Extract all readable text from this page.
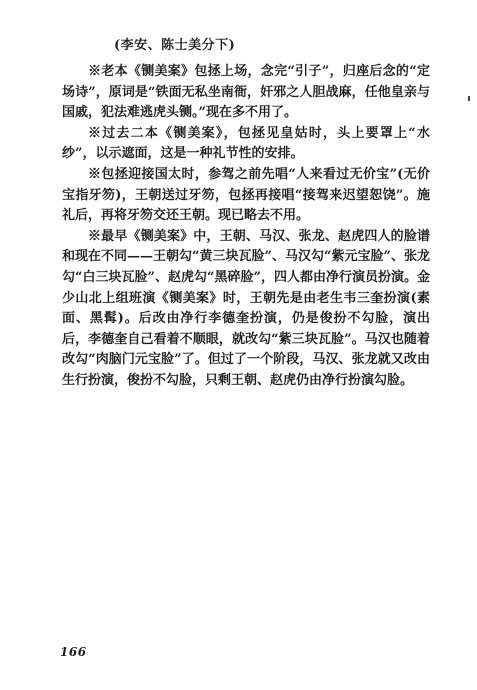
(李安、陈士美分下)

※老本《铡美案》包拯上场，念完“引子”，归座后念的“定场诗”，原词是“铁面无私坐南衙，奸邪之人胆战麻，任他皇亲与国戚，犯法难逃虎头铡。”现在多不用了。

※过去二本《铡美案》，包拯见皇姑时，头上要罩上“水纱”，以示遮面，这是一种礼节性的安排。

※包拯迎接国太时，参驾之前先唱“人来看过无价宝”(无价宝指牙笏)，王朝送过牙笏，包拯再接唱“接驾来迟望恕饶”。施礼后，再将牙笏交还王朝。现已略去不用。

※最早《铡美案》中，王朝、马汉、张龙、赵虎四人的脸谱和现在不同——王朝勾“黄三块瓦脸”、马汉勾“紫元宝脸”、张龙勾“白三块瓦脸”、赵虎勾“黑碎脸”，四人都由净行演员扮演。金少山北上组班演《铡美案》时，王朝先是由老生韦三奎扮演(素面、黑髯)。后改由净行李德奎扮演，仍是俊扮不勾脸，演出后，李德奎自己看着不顺眼，就改勾“紫三块瓦脸”。马汉也随着改勾“肉脑门元宝脸”了。但过了一个阶段，马汉、张龙就又改由生行扮演，俊扮不勾脸，只剩王朝、赵虎仍由净行扮演勾脸。

166
